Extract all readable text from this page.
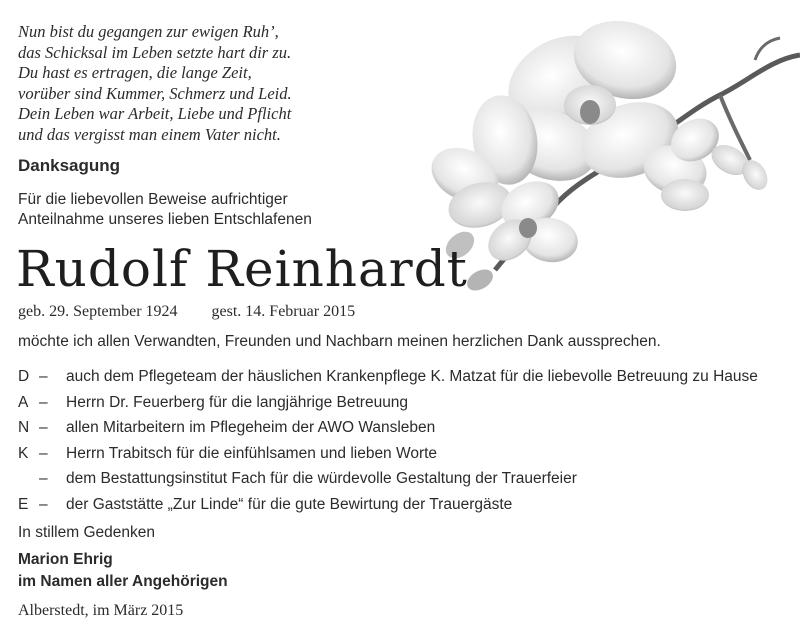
Nun bist du gegangen zur ewigen Ruh’,
das Schicksal im Leben setzte hart dir zu.
Du hast es ertragen, die lange Zeit,
vorüber sind Kummer, Schmerz und Leid.
Dein Leben war Arbeit, Liebe und Pflicht
und das vergisst man einem Vater nicht.
Danksagung
Für die liebevollen Beweise aufrichtiger
Anteilnahme unseres lieben Entschlafenen
Rudolf Reinhardt
geb. 29. September 1924 gest. 14. Februar 2015
möchte ich allen Verwandten, Freunden und Nachbarn meinen herzlichen Dank aussprechen.
D – auch dem Pflegeteam der häuslichen Krankenpflege K. Matzat für die liebevolle Betreuung zu Hause
A – Herrn Dr. Feuerberg für die langjährige Betreuung
N – allen Mitarbeitern im Pflegeheim der AWO Wansleben
K – Herrn Trabitsch für die einfühlsamen und lieben Worte
– dem Bestattungsinstitut Fach für die würdevolle Gestaltung der Trauerfeier
E – der Gaststätte „Zur Linde“ für die gute Bewirtung der Trauergäste
In stillem Gedenken
Marion Ehrig
im Namen aller Angehörigen
Alberstedt, im März 2015
